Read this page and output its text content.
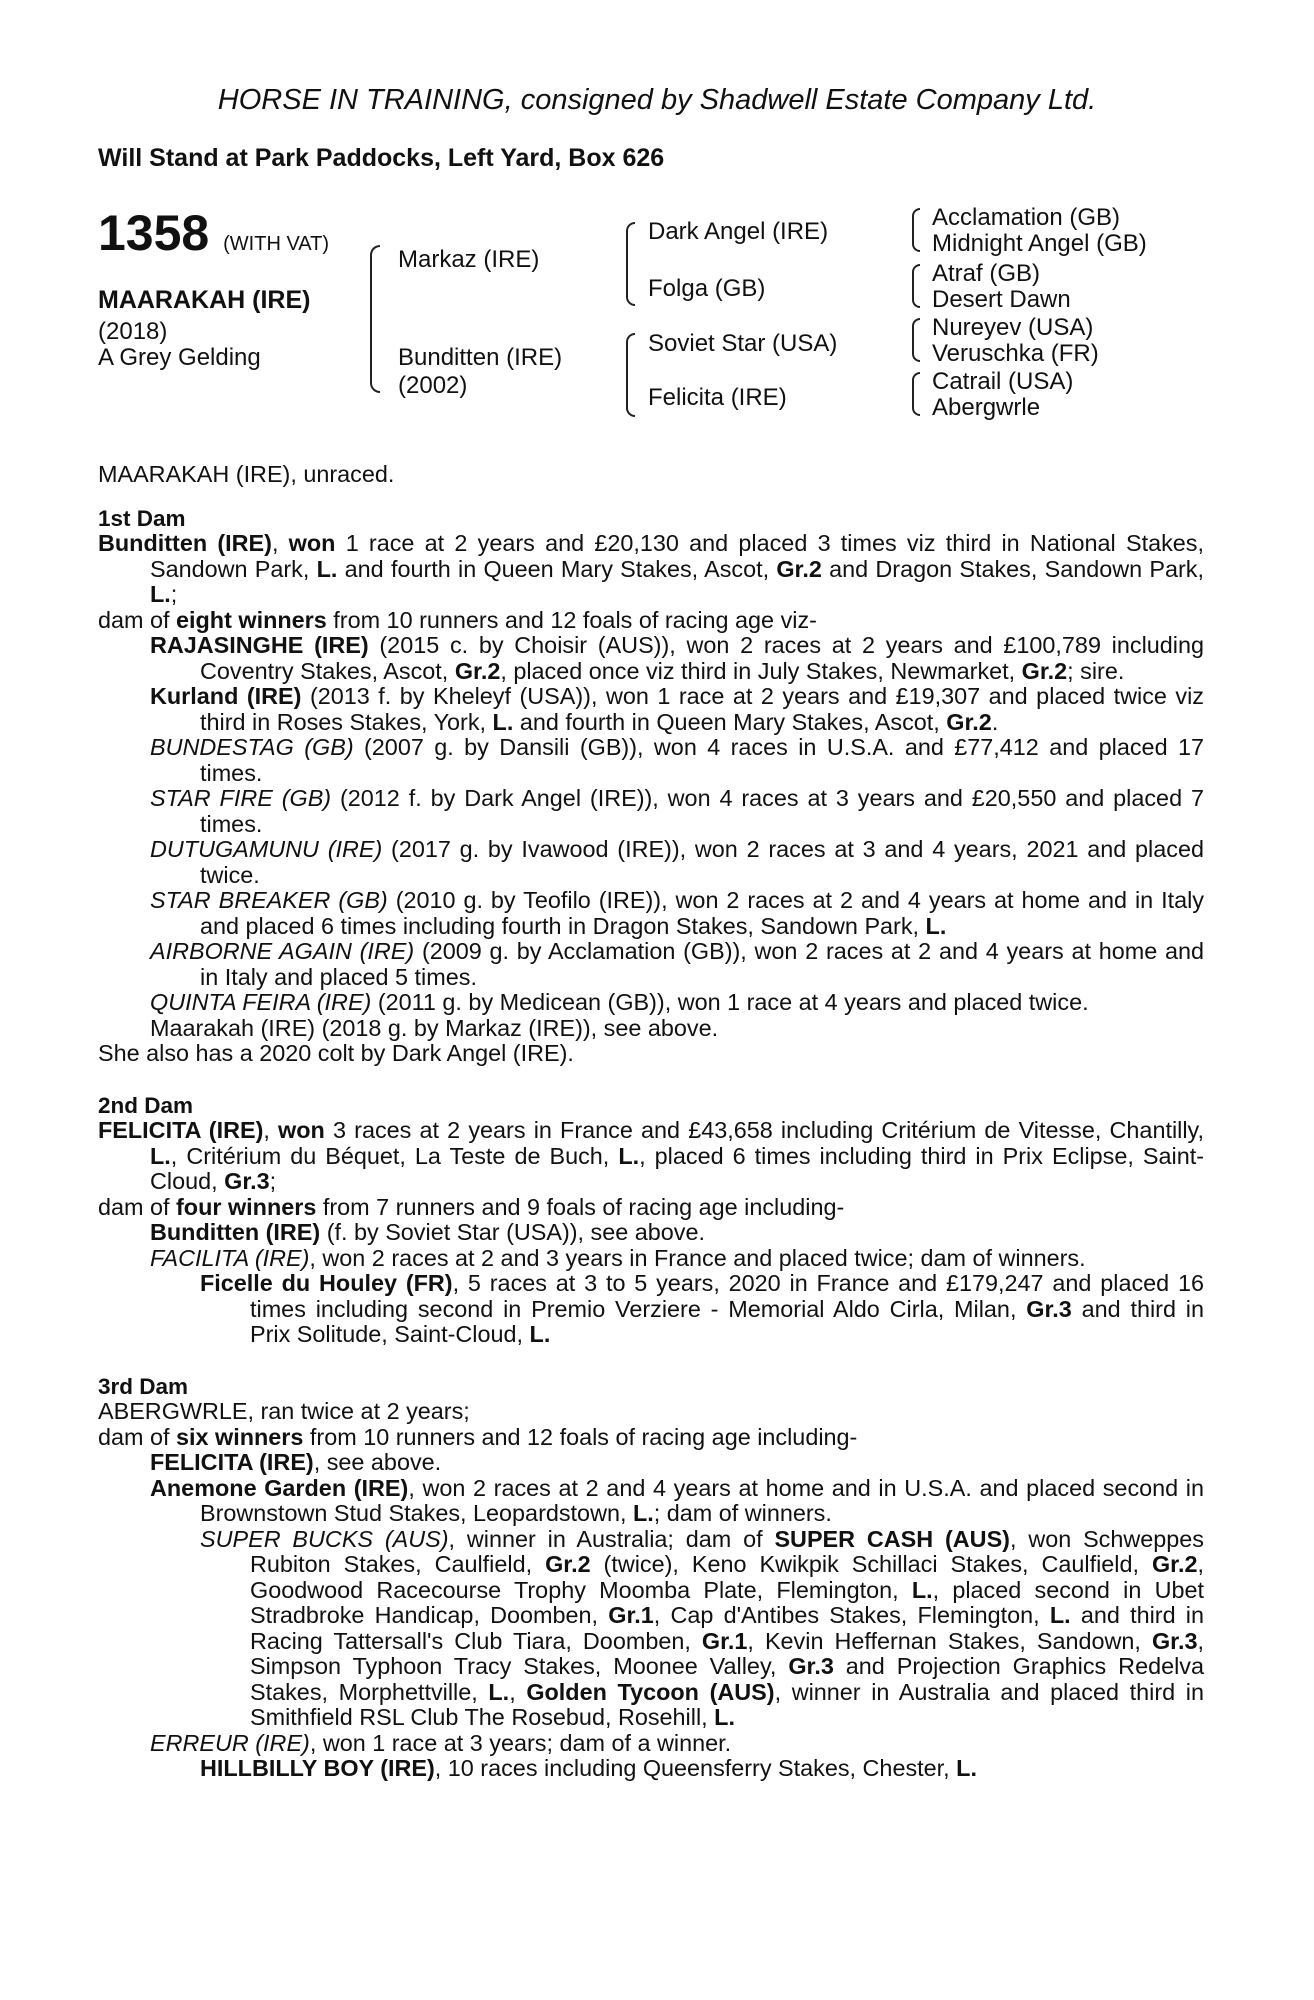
HORSE IN TRAINING, consigned by Shadwell Estate Company Ltd.
Will Stand at Park Paddocks, Left Yard, Box 626
1358 (WITH VAT)
MAARAKAH (IRE)
(2018)
A Grey Gelding
Markaz (IRE)
Bunditten (IRE)
(2002)
Dark Angel (IRE)
Folga (GB)
Soviet Star (USA)
Felicita (IRE)
Acclamation (GB)
Midnight Angel (GB)
Atraf (GB)
Desert Dawn
Nureyev (USA)
Veruschka (FR)
Catrail (USA)
Abergwrle

MAARAKAH (IRE), unraced.

1st Dam

Bunditten (IRE), won 1 race at 2 years and £20,130 and placed 3 times viz third in National Stakes, Sandown Park, L. and fourth in Queen Mary Stakes, Ascot, Gr.2 and Dragon Stakes, Sandown Park, L.;

dam of eight winners from 10 runners and 12 foals of racing age viz-

RAJASINGHE (IRE) (2015 c. by Choisir (AUS)), won 2 races at 2 years and £100,789 including Coventry Stakes, Ascot, Gr.2, placed once viz third in July Stakes, Newmarket, Gr.2; sire.

Kurland (IRE) (2013 f. by Kheleyf (USA)), won 1 race at 2 years and £19,307 and placed twice viz third in Roses Stakes, York, L. and fourth in Queen Mary Stakes, Ascot, Gr.2.

BUNDESTAG (GB) (2007 g. by Dansili (GB)), won 4 races in U.S.A. and £77,412 and placed 17 times.

STAR FIRE (GB) (2012 f. by Dark Angel (IRE)), won 4 races at 3 years and £20,550 and placed 7 times.

DUTUGAMUNU (IRE) (2017 g. by Ivawood (IRE)), won 2 races at 3 and 4 years, 2021 and placed twice.

STAR BREAKER (GB) (2010 g. by Teofilo (IRE)), won 2 races at 2 and 4 years at home and in Italy and placed 6 times including fourth in Dragon Stakes, Sandown Park, L.

AIRBORNE AGAIN (IRE) (2009 g. by Acclamation (GB)), won 2 races at 2 and 4 years at home and in Italy and placed 5 times.

QUINTA FEIRA (IRE) (2011 g. by Medicean (GB)), won 1 race at 4 years and placed twice.

Maarakah (IRE) (2018 g. by Markaz (IRE)), see above.

She also has a 2020 colt by Dark Angel (IRE).

2nd Dam

FELICITA (IRE), won 3 races at 2 years in France and £43,658 including Critérium de Vitesse, Chantilly, L., Critérium du Béquet, La Teste de Buch, L., placed 6 times including third in Prix Eclipse, Saint-Cloud, Gr.3;

dam of four winners from 7 runners and 9 foals of racing age including-

Bunditten (IRE) (f. by Soviet Star (USA)), see above.

FACILITA (IRE), won 2 races at 2 and 3 years in France and placed twice; dam of winners.

Ficelle du Houley (FR), 5 races at 3 to 5 years, 2020 in France and £179,247 and placed 16 times including second in Premio Verziere - Memorial Aldo Cirla, Milan, Gr.3 and third in Prix Solitude, Saint-Cloud, L.

3rd Dam

ABERGWRLE, ran twice at 2 years;

dam of six winners from 10 runners and 12 foals of racing age including-

FELICITA (IRE), see above.

Anemone Garden (IRE), won 2 races at 2 and 4 years at home and in U.S.A. and placed second in Brownstown Stud Stakes, Leopardstown, L.; dam of winners.

SUPER BUCKS (AUS), winner in Australia; dam of SUPER CASH (AUS), won Schweppes Rubiton Stakes, Caulfield, Gr.2 (twice), Keno Kwikpik Schillaci Stakes, Caulfield, Gr.2, Goodwood Racecourse Trophy Moomba Plate, Flemington, L., placed second in Ubet Stradbroke Handicap, Doomben, Gr.1, Cap d'Antibes Stakes, Flemington, L. and third in Racing Tattersall's Club Tiara, Doomben, Gr.1, Kevin Heffernan Stakes, Sandown, Gr.3, Simpson Typhoon Tracy Stakes, Moonee Valley, Gr.3 and Projection Graphics Redelva Stakes, Morphettville, L., Golden Tycoon (AUS), winner in Australia and placed third in Smithfield RSL Club The Rosebud, Rosehill, L.

ERREUR (IRE), won 1 race at 3 years; dam of a winner.

HILLBILLY BOY (IRE), 10 races including Queensferry Stakes, Chester, L.
